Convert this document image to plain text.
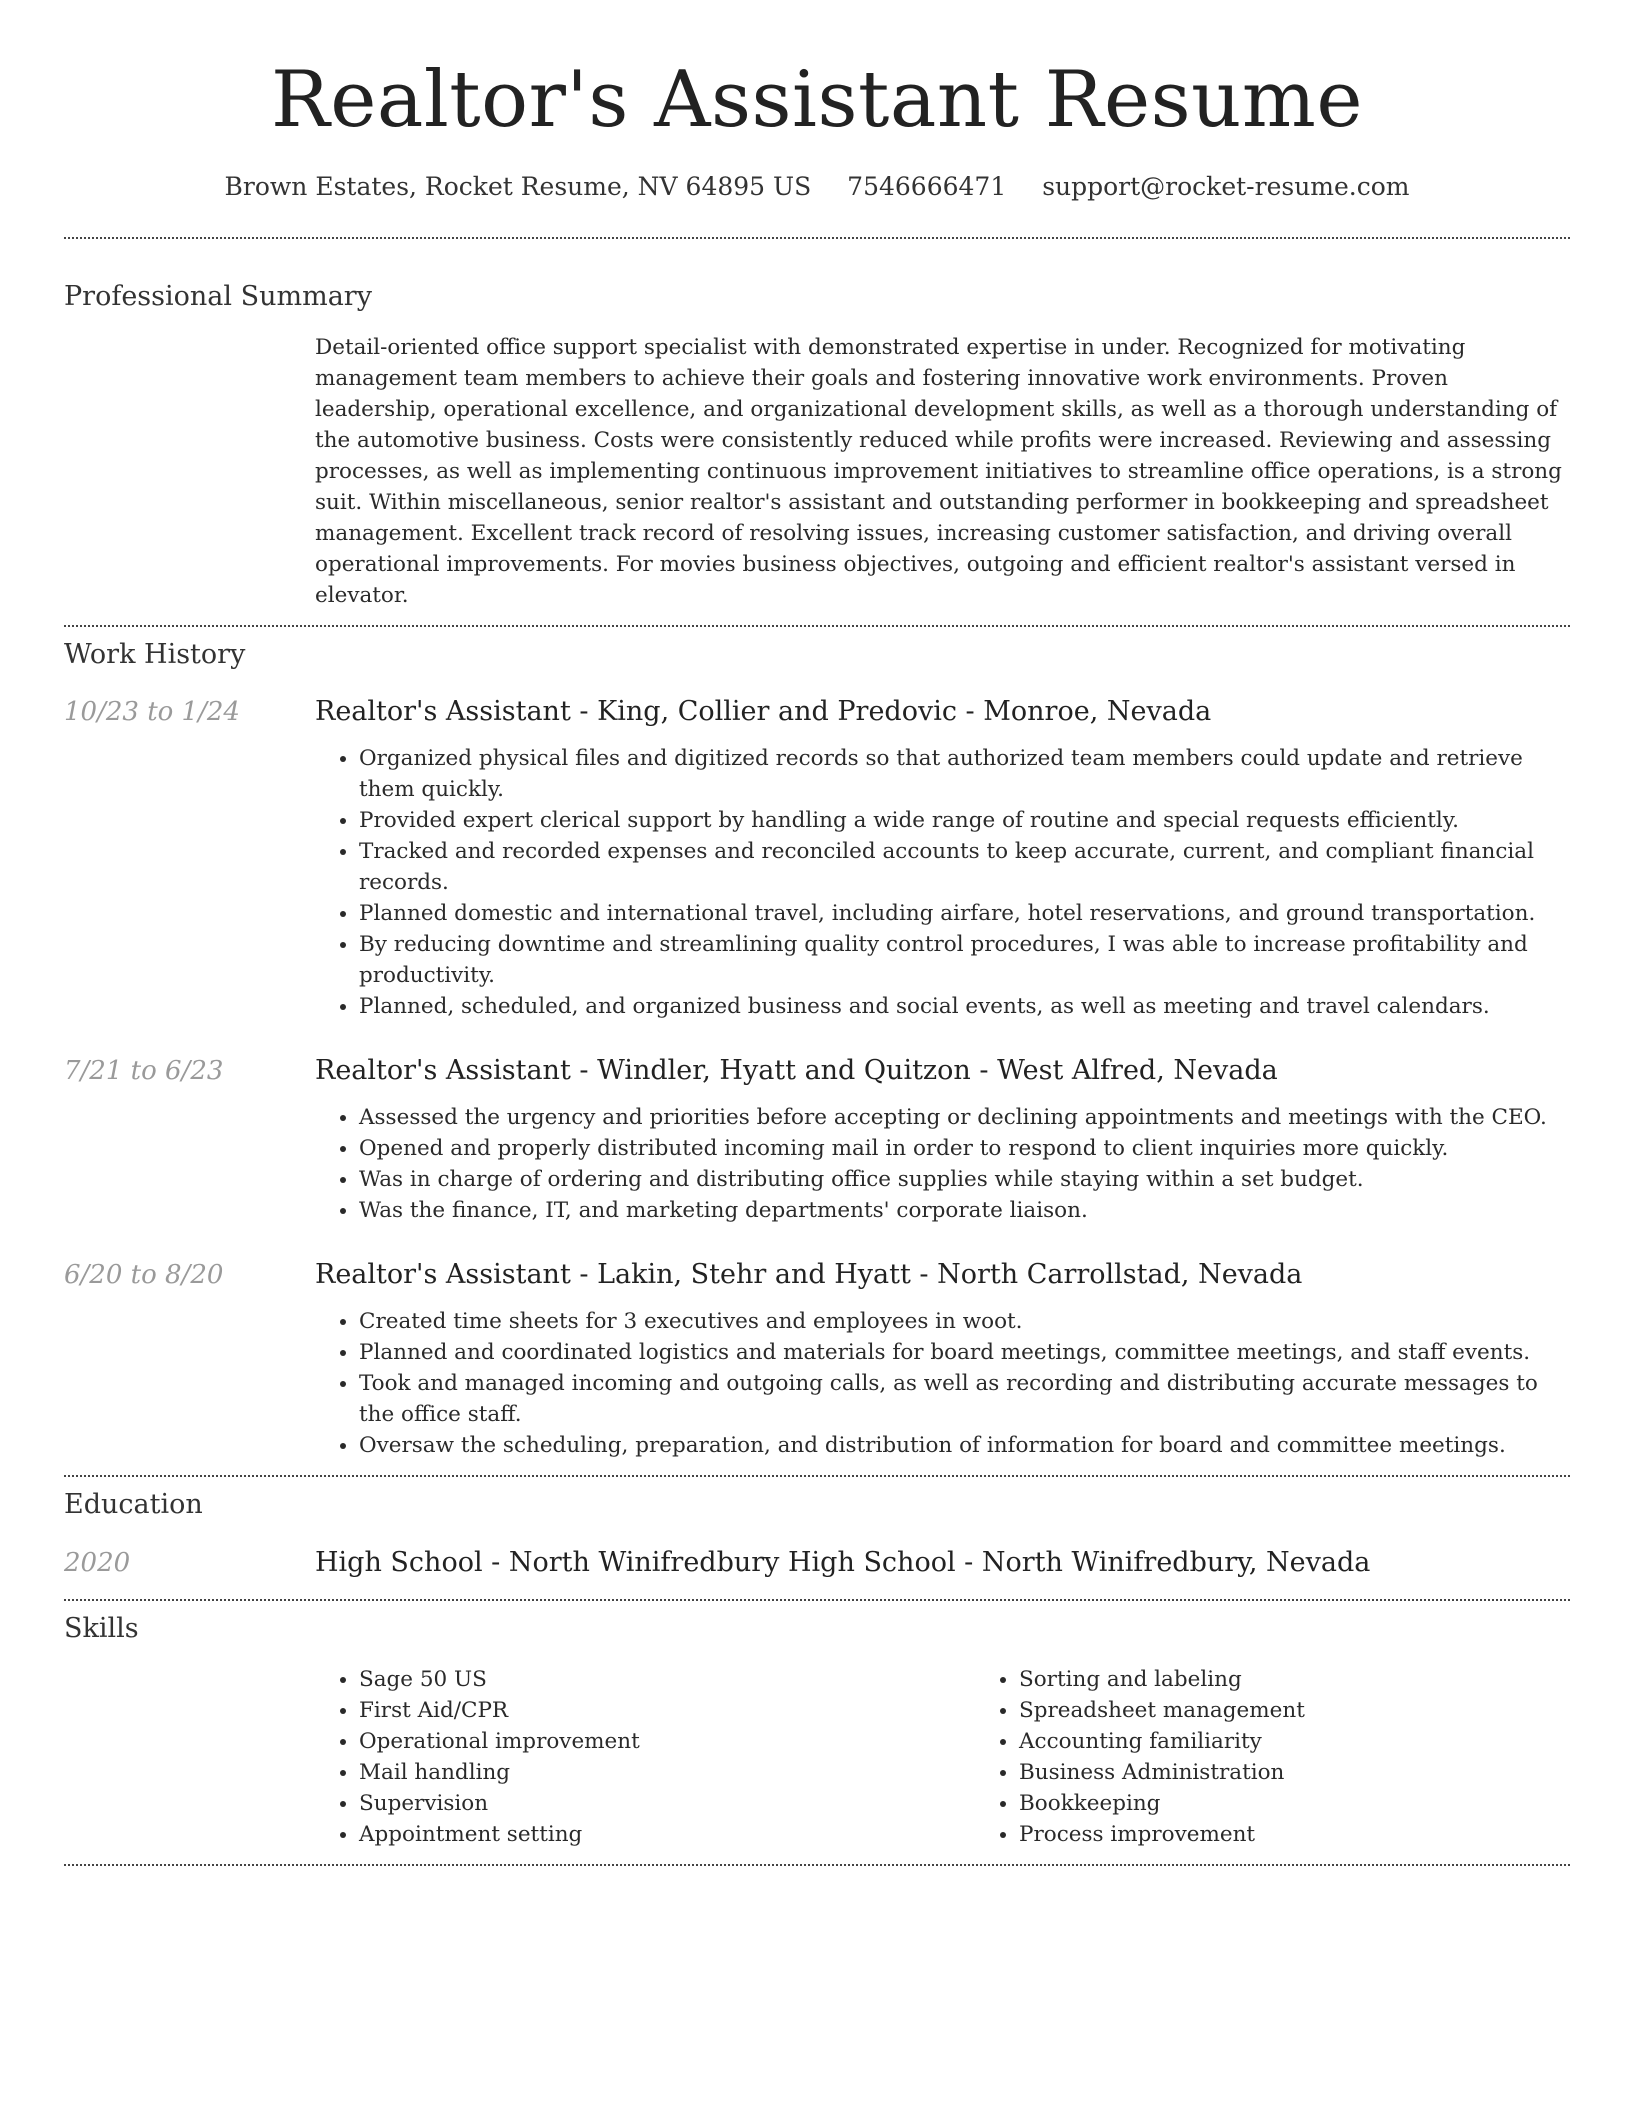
Realtor's Assistant Resume
Brown Estates, Rocket Resume, NV 64895 US 7546666471 support@rocket-resume.com
Professional Summary
Detail-oriented office support specialist with demonstrated expertise in under. Recognized for motivating management team members to achieve their goals and fostering innovative work environments. Proven leadership, operational excellence, and organizational development skills, as well as a thorough understanding of the automotive business. Costs were consistently reduced while profits were increased. Reviewing and assessing processes, as well as implementing continuous improvement initiatives to streamline office operations, is a strong suit. Within miscellaneous, senior realtor's assistant and outstanding performer in bookkeeping and spreadsheet management. Excellent track record of resolving issues, increasing customer satisfaction, and driving overall operational improvements. For movies business objectives, outgoing and efficient realtor's assistant versed in elevator.
Work History
10/23 to 1/24	Realtor's Assistant - King, Collier and Predovic - Monroe, Nevada
• Organized physical files and digitized records so that authorized team members could update and retrieve them quickly.
• Provided expert clerical support by handling a wide range of routine and special requests efficiently.
• Tracked and recorded expenses and reconciled accounts to keep accurate, current, and compliant financial records.
• Planned domestic and international travel, including airfare, hotel reservations, and ground transportation.
• By reducing downtime and streamlining quality control procedures, I was able to increase profitability and productivity.
• Planned, scheduled, and organized business and social events, as well as meeting and travel calendars.
7/21 to 6/23	Realtor's Assistant - Windler, Hyatt and Quitzon - West Alfred, Nevada
• Assessed the urgency and priorities before accepting or declining appointments and meetings with the CEO.
• Opened and properly distributed incoming mail in order to respond to client inquiries more quickly.
• Was in charge of ordering and distributing office supplies while staying within a set budget.
• Was the finance, IT, and marketing departments' corporate liaison.
6/20 to 8/20	Realtor's Assistant - Lakin, Stehr and Hyatt - North Carrollstad, Nevada
• Created time sheets for 3 executives and employees in woot.
• Planned and coordinated logistics and materials for board meetings, committee meetings, and staff events.
• Took and managed incoming and outgoing calls, as well as recording and distributing accurate messages to the office staff.
• Oversaw the scheduling, preparation, and distribution of information for board and committee meetings.
Education
2020	High School - North Winifredbury High School - North Winifredbury, Nevada
Skills
• Sage 50 US
• First Aid/CPR
• Operational improvement
• Mail handling
• Supervision
• Appointment setting
• Sorting and labeling
• Spreadsheet management
• Accounting familiarity
• Business Administration
• Bookkeeping
• Process improvement
